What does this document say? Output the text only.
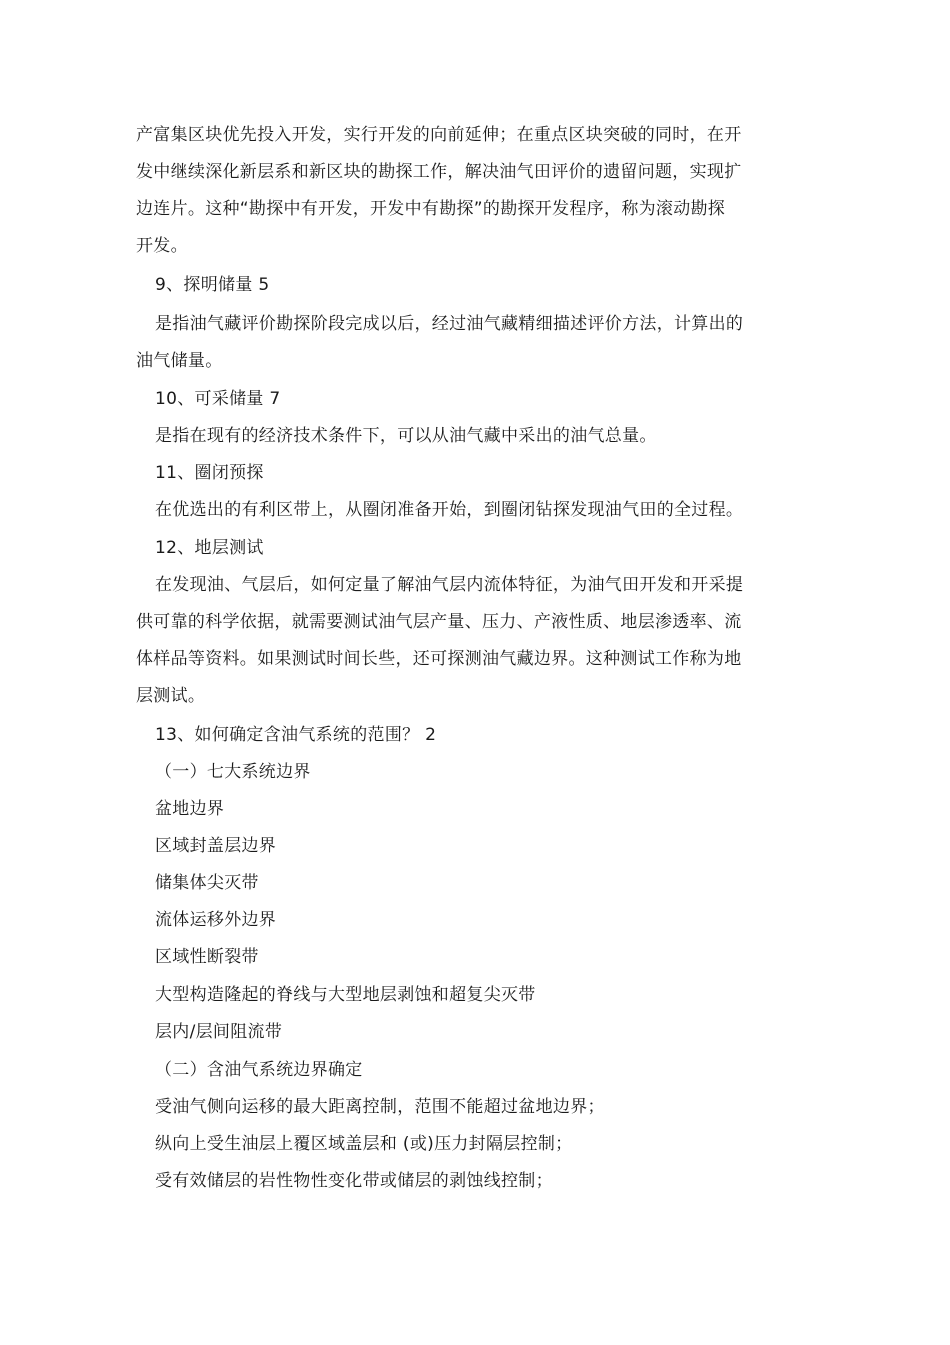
产富集区块优先投入开发，实行开发的向前延伸；在重点区块突破的同时，在开
发中继续深化新层系和新区块的勘探工作，解决油气田评价的遗留问题，实现扩
边连片。这种“勘探中有开发，开发中有勘探”的勘探开发程序，称为滚动勘探
开发。
9、探明储量 5
是指油气藏评价勘探阶段完成以后，经过油气藏精细描述评价方法，计算出的
油气储量。
10、可采储量 7
是指在现有的经济技术条件下，可以从油气藏中采出的油气总量。
11、圈闭预探
在优选出的有利区带上，从圈闭准备开始，到圈闭钻探发现油气田的全过程。
12、地层测试
在发现油、气层后，如何定量了解油气层内流体特征，为油气田开发和开采提
供可靠的科学依据，就需要测试油气层产量、压力、产液性质、地层渗透率、流
体样品等资料。如果测试时间长些，还可探测油气藏边界。这种测试工作称为地
层测试。
13、如何确定含油气系统的范围？ 2
（一）七大系统边界
盆地边界
区域封盖层边界
储集体尖灭带
流体运移外边界
区域性断裂带
大型构造隆起的脊线与大型地层剥蚀和超复尖灭带
层内/层间阻流带
（二）含油气系统边界确定
受油气侧向运移的最大距离控制，范围不能超过盆地边界；
纵向上受生油层上覆区域盖层和 (或)压力封隔层控制；
受有效储层的岩性物性变化带或储层的剥蚀线控制；
